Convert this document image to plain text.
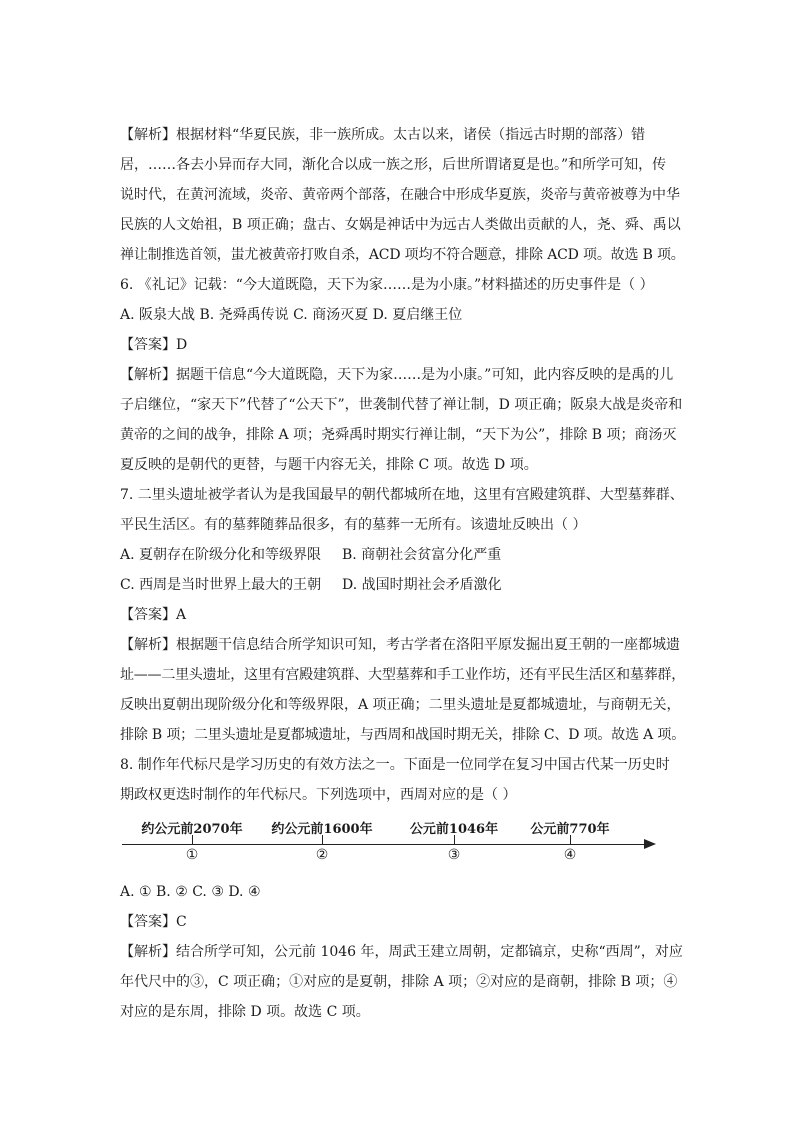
【解析】根据材料“华夏民族，非一族所成。太古以来，诸侯（指远古时期的部落）错
居，……各去小异而存大同，渐化合以成一族之形，后世所谓诸夏是也。”和所学可知，传
说时代，在黄河流域，炎帝、黄帝两个部落，在融合中形成华夏族，炎帝与黄帝被尊为中华
民族的人文始祖，B 项正确；盘古、女娲是神话中为远古人类做出贡献的人，尧、舜、禹以
禅让制推选首领，蚩尤被黄帝打败自杀，ACD 项均不符合题意，排除 ACD 项。故选 B 项。
6. 《礼记》记载：“今大道既隐，天下为家……是为小康。”材料描述的历史事件是（ ）
A. 阪泉大战 B. 尧舜禹传说 C. 商汤灭夏 D. 夏启继王位
【答案】D
【解析】据题干信息“今大道既隐，天下为家……是为小康。”可知，此内容反映的是禹的儿
子启继位，“家天下”代替了“公天下”，世袭制代替了禅让制，D 项正确；阪泉大战是炎帝和
黄帝的之间的战争，排除 A 项；尧舜禹时期实行禅让制，“天下为公”，排除 B 项；商汤灭
夏反映的是朝代的更替，与题干内容无关，排除 C 项。故选 D 项。
7. 二里头遗址被学者认为是我国最早的朝代都城所在地，这里有宫殿建筑群、大型墓葬群、
平民生活区。有的墓葬随葬品很多，有的墓葬一无所有。该遗址反映出（ ）
A. 夏朝存在阶级分化和等级界限 B. 商朝社会贫富分化严重
C. 西周是当时世界上最大的王朝 D. 战国时期社会矛盾激化
【答案】A
【解析】根据题干信息结合所学知识可知，考古学者在洛阳平原发掘出夏王朝的一座都城遗
址——二里头遗址，这里有宫殿建筑群、大型墓葬和手工业作坊，还有平民生活区和墓葬群，
反映出夏朝出现阶级分化和等级界限，A 项正确；二里头遗址是夏都城遗址，与商朝无关，
排除 B 项；二里头遗址是夏都城遗址，与西周和战国时期无关，排除 C、D 项。故选 A 项。
8. 制作年代标尺是学习历史的有效方法之一。下面是一位同学在复习中国古代某一历史时
期政权更迭时制作的年代标尺。下列选项中，西周对应的是（ ）
约公元前2070年 约公元前1600年	公元前1046年 公元前770年
①	②	③	④
A. ① B. ② C. ③ D. ④
【答案】C
【解析】结合所学可知，公元前 1046 年，周武王建立周朝，定都镐京，史称“西周”，对应
年代尺中的③，C 项正确；①对应的是夏朝，排除 A 项；②对应的是商朝，排除 B 项；④
对应的是东周，排除 D 项。故选 C 项。
